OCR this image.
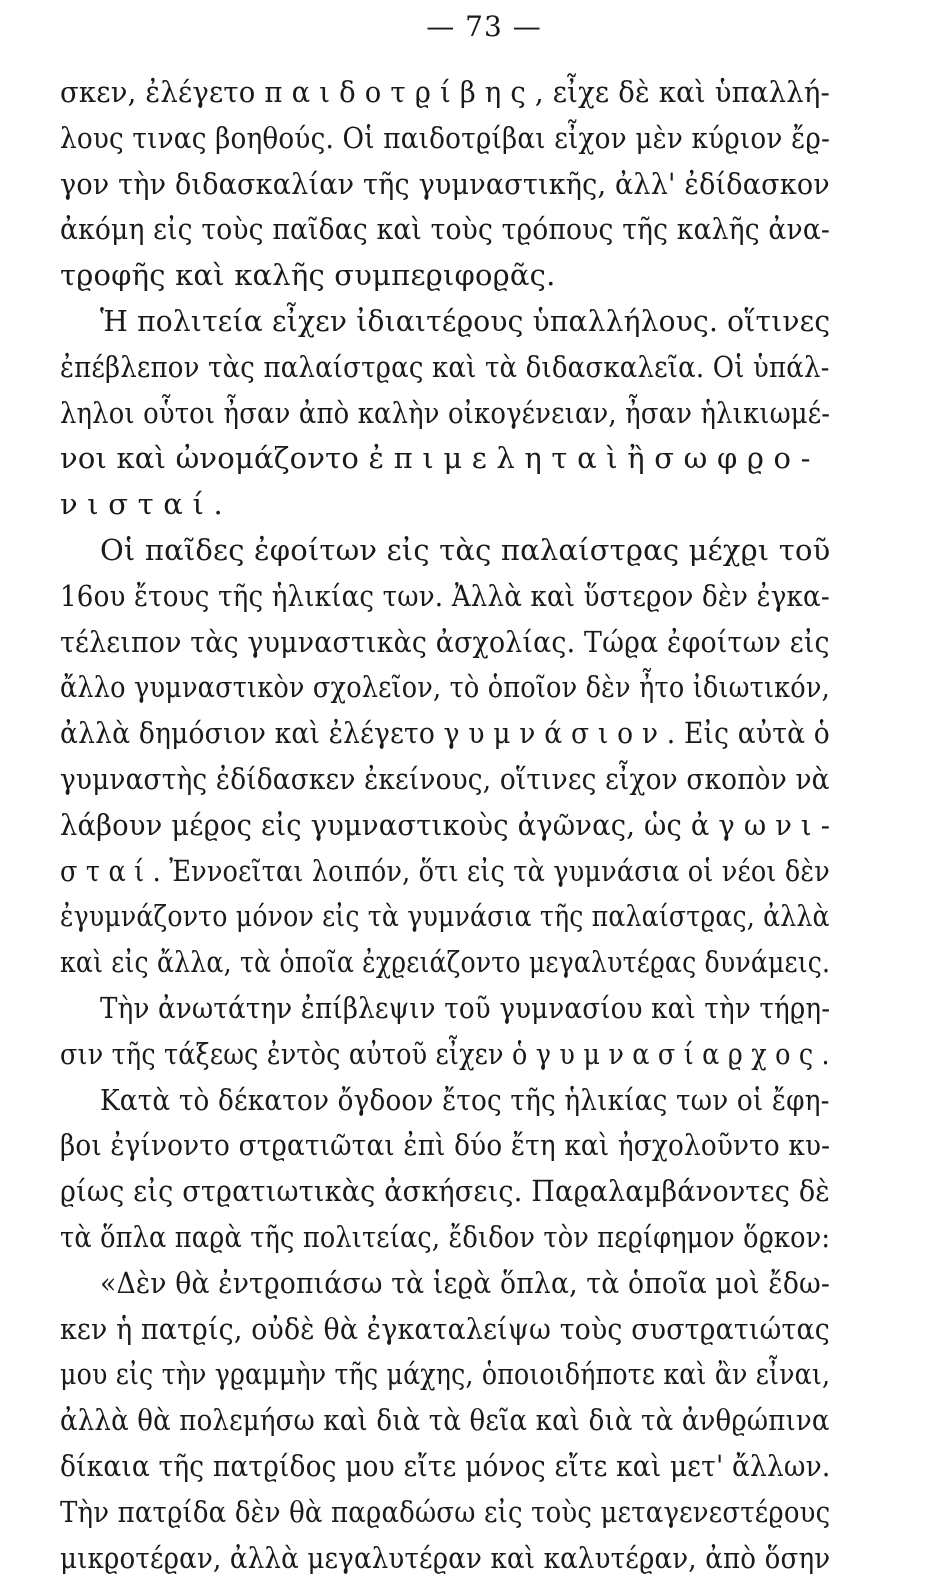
— 73 —
σκεν, ἐλέγετο π α ι δ ο τ ϱ ί β η ς , εἶχε δὲ καὶ ὑπαλλή-
λους τινας βοηθούς. Οἱ παιδοτϱίβαι εἶχον μὲν κύϱιον ἔϱ-
γον τὴν διδασκαλίαν τῆς γυμναστικῆς, ἀλλ' ἐδίδασκον
ἀκόμη εἰς τοὺς παῖδας καὶ τοὺς τϱόπους τῆς καλῆς ἀνα-
τϱοφῆς καὶ καλῆς συμπεϱιφοϱᾶς.
Ἡ πολιτεία εἶχεν ἰδιαιτέϱους ὑπαλλήλους. οἵτινες
ἐπέβλεπον τὰς παλαίστϱας καὶ τὰ διδασκαλεῖα. Οἱ ὑπάλ-
ληλοι οὗτοι ἦσαν ἀπὸ καλὴν οἰκογένειαν, ἦσαν ἡλικιωμέ-
νοι καὶ ὠνομάζοντο ἐ π ι μ ε λ η τ α ὶ ἢ σ ω φ ϱ ο -
ν ι σ τ α ί .
Οἱ παῖδες ἐφοίτων εἰς τὰς παλαίστϱας μέχϱι τοῦ
16ου ἔτους τῆς ἡλικίας των. Ἀλλὰ καὶ ὕστεϱον δὲν ἐγκα-
τέλειπον τὰς γυμναστικὰς ἀσχολίας. Τώϱα ἐφοίτων εἰς
ἄλλο γυμναστικὸν σχολεῖον, τὸ ὁποῖον δὲν ἦτο ἰδιωτικόν,
ἀλλὰ δημόσιον καὶ ἐλέγετο γ υ μ ν ά σ ι ο ν . Εἰς αὐτὰ ὁ
γυμναστὴς ἐδίδασκεν ἐκείνους, οἵτινες εἶχον σκοπὸν νὰ
λάβουν μέϱος εἰς γυμναστικοὺς ἀγῶνας, ὡς ἀ γ ω ν ι -
σ τ α ί . Ἐννοεῖται λοιπόν, ὅτι εἰς τὰ γυμνάσια οἱ νέοι δὲν
ἐγυμνάζοντο μόνον εἰς τὰ γυμνάσια τῆς παλαίστϱας, ἀλλὰ
καὶ εἰς ἄλλα, τὰ ὁποῖα ἐχϱειάζοντο μεγαλυτέϱας δυνάμεις.
Τὴν ἀνωτάτην ἐπίβλεψιν τοῦ γυμνασίου καὶ τὴν τήϱη-
σιν τῆς τάξεως ἐντὸς αὐτοῦ εἶχεν ὁ γ υ μ ν α σ ί α ϱ χ ο ς .
Κατὰ τὸ δέκατον ὄγδοον ἔτος τῆς ἡλικίας των οἱ ἔφη-
βοι ἐγίνοντο στϱατιῶται ἐπὶ δύο ἔτη καὶ ἠσχολοῦντο κυ-
ϱίως εἰς στϱατιωτικὰς ἀσκήσεις. Παϱαλαμβάνοντες δὲ
τὰ ὅπλα παϱὰ τῆς πολιτείας, ἔδιδον τὸν πεϱίφημον ὅϱκον:
«Δὲν θὰ ἐντϱοπιάσω τὰ ἱεϱὰ ὅπλα, τὰ ὁποῖα μοὶ ἔδω-
κεν ἡ πατϱίς, οὐδὲ θὰ ἐγκαταλείψω τοὺς συστϱατιώτας
μου εἰς τὴν γϱαμμὴν τῆς μάχης, ὁποιοιδήποτε καὶ ἂν εἶναι,
ἀλλὰ θὰ πολεμήσω καὶ διὰ τὰ θεῖα καὶ διὰ τὰ ἀνθϱώπινα
δίκαια τῆς πατϱίδος μου εἴτε μόνος εἴτε καὶ μετ' ἄλλων.
Τὴν πατϱίδα δὲν θὰ παϱαδώσω εἰς τοὺς μεταγενεστέϱους
μικϱοτέϱαν, ἀλλὰ μεγαλυτέϱαν καὶ καλυτέϱαν, ἀπὸ ὅσην
